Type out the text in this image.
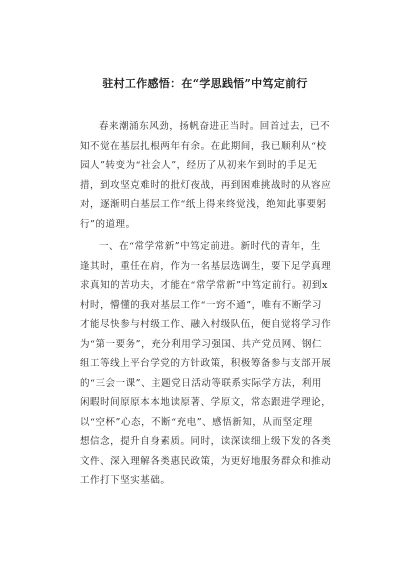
驻村工作感悟：在“学思践悟”中笃定前行
春来潮涌东风劲，扬帆奋进正当时。回首过去，已不
知不觉在基层扎根两年有余。在此期间，我已顺利从“校
园人”转变为“社会人”，经历了从初来乍到时的手足无
措，到攻坚克难时的批灯夜战，再到困难挑战时的从容应
对，逐渐明白基层工作“纸上得来终觉浅，绝知此事要躬
行”的道理。
一、在“常学常新”中笃定前进。新时代的青年，生
逢其时，重任在肩，作为一名基层选调生，要下足学真理
求真知的苦功夫，才能在“常学常新”中笃定前行。初到x
村时，懵懂的我对基层工作“一窍不通”，唯有不断学习
才能尽快参与村级工作、融入村级队伍，便自觉将学习作
为“第一要务”，充分利用学习强国、共产党员网、钢仁
组工等线上平台学党的方针政策，积极筹备参与支部开展
的“三会一课”、主题党日活动等联系实际学方法，利用
闲暇时间原原本本地读原著、学原文，常态跟进学理论，
以“空杯”心态，不断“充电”、感悟新知，从而坚定理
想信念，提升自身素质。同时，读深读细上级下发的各类
文件、深入理解各类惠民政策，为更好地服务群众和推动
工作打下坚实基础。
